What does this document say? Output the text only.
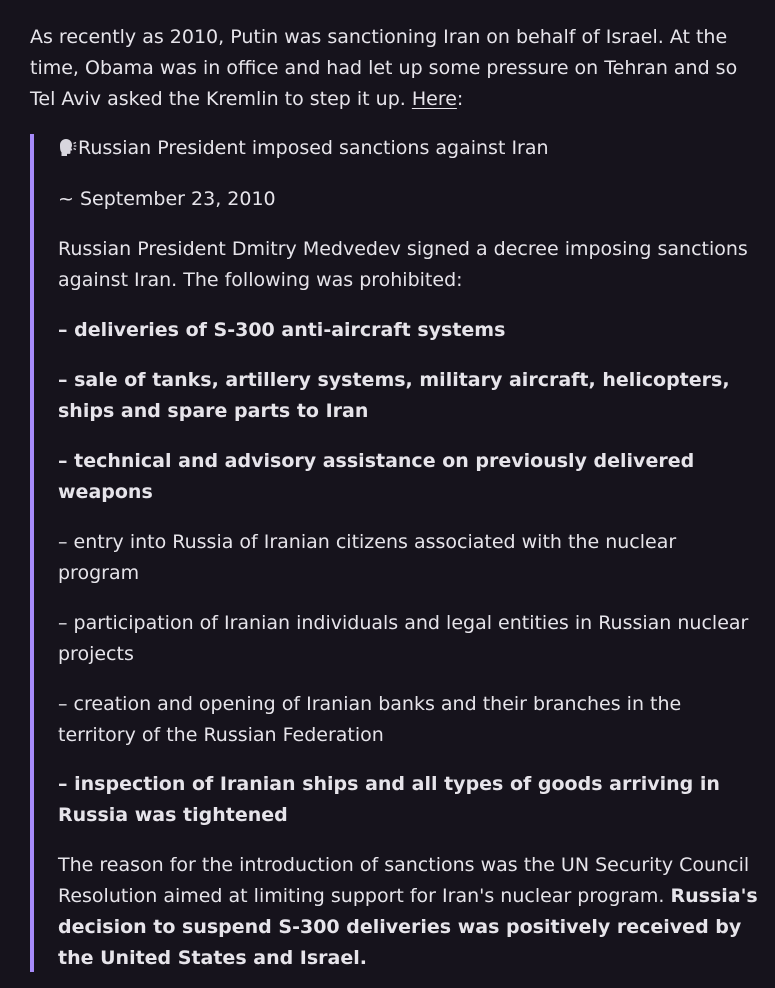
As recently as 2010, Putin was sanctioning Iran on behalf of Israel. At the time, Obama was in office and had let up some pressure on Tehran and so Tel Aviv asked the Kremlin to step it up. Here:

Russian President imposed sanctions against Iran

~ September 23, 2010

Russian President Dmitry Medvedev signed a decree imposing sanctions against Iran. The following was prohibited:

– deliveries of S-300 anti-aircraft systems

– sale of tanks, artillery systems, military aircraft, helicopters, ships and spare parts to Iran

– technical and advisory assistance on previously delivered weapons

– entry into Russia of Iranian citizens associated with the nuclear program

– participation of Iranian individuals and legal entities in Russian nuclear projects

– creation and opening of Iranian banks and their branches in the territory of the Russian Federation

– inspection of Iranian ships and all types of goods arriving in Russia was tightened

The reason for the introduction of sanctions was the UN Security Council Resolution aimed at limiting support for Iran's nuclear program. Russia's decision to suspend S-300 deliveries was positively received by the United States and Israel.
